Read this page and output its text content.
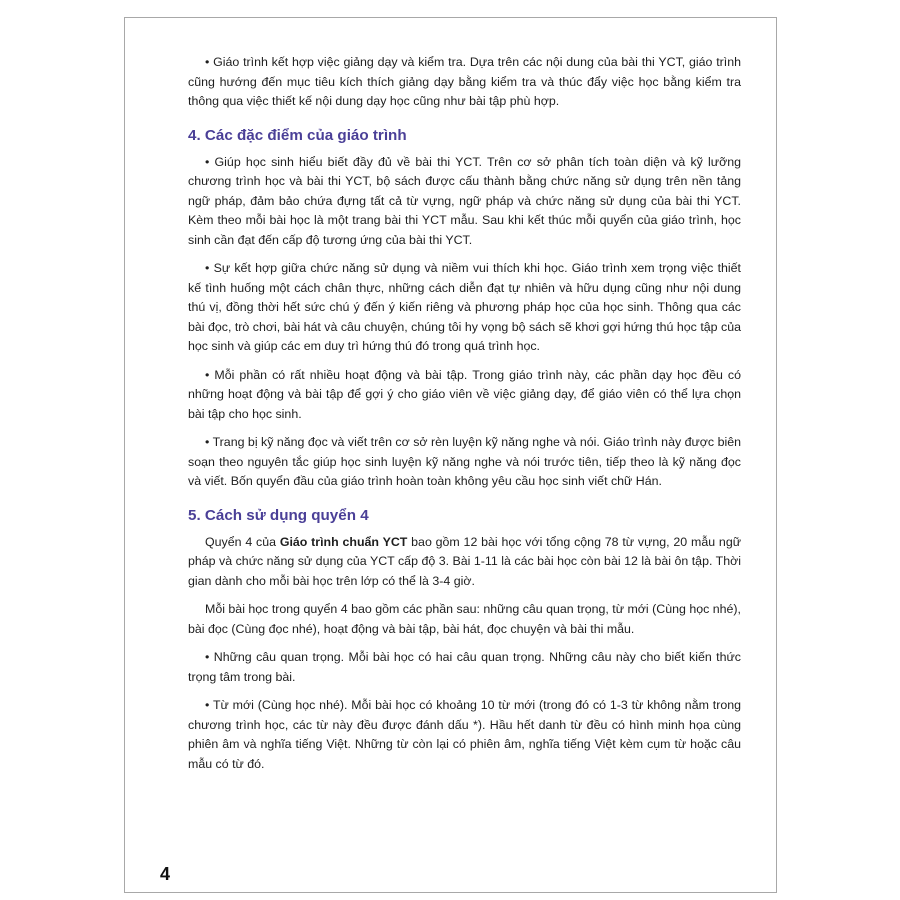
• Giáo trình kết hợp việc giảng dạy và kiểm tra. Dựa trên các nội dung của bài thi YCT, giáo trình cũng hướng đến mục tiêu kích thích giảng dạy bằng kiểm tra và thúc đẩy việc học bằng kiểm tra thông qua việc thiết kế nội dung dạy học cũng như bài tập phù hợp.

4. Các đặc điểm của giáo trình

• Giúp học sinh hiểu biết đầy đủ về bài thi YCT. Trên cơ sở phân tích toàn diện và kỹ lưỡng chương trình học và bài thi YCT, bộ sách được cấu thành bằng chức năng sử dụng trên nền tảng ngữ pháp, đảm bảo chứa đựng tất cả từ vựng, ngữ pháp và chức năng sử dụng của bài thi YCT. Kèm theo mỗi bài học là một trang bài thi YCT mẫu. Sau khi kết thúc mỗi quyển của giáo trình, học sinh cần đạt đến cấp độ tương ứng của bài thi YCT.

• Sự kết hợp giữa chức năng sử dụng và niềm vui thích khi học. Giáo trình xem trọng việc thiết kế tình huống một cách chân thực, những cách diễn đạt tự nhiên và hữu dụng cũng như nội dung thú vị, đồng thời hết sức chú ý đến ý kiến riêng và phương pháp học của học sinh. Thông qua các bài đọc, trò chơi, bài hát và câu chuyện, chúng tôi hy vọng bộ sách sẽ khơi gợi hứng thú học tập của học sinh và giúp các em duy trì hứng thú đó trong quá trình học.

• Mỗi phần có rất nhiều hoạt động và bài tập. Trong giáo trình này, các phần dạy học đều có những hoạt động và bài tập để gợi ý cho giáo viên về việc giảng dạy, để giáo viên có thể lựa chọn bài tập cho học sinh.

• Trang bị kỹ năng đọc và viết trên cơ sở rèn luyện kỹ năng nghe và nói. Giáo trình này được biên soạn theo nguyên tắc giúp học sinh luyện kỹ năng nghe và nói trước tiên, tiếp theo là kỹ năng đọc và viết. Bốn quyển đầu của giáo trình hoàn toàn không yêu cầu học sinh viết chữ Hán.

5. Cách sử dụng quyển 4

Quyển 4 của Giáo trình chuẩn YCT bao gồm 12 bài học với tổng cộng 78 từ vựng, 20 mẫu ngữ pháp và chức năng sử dụng của YCT cấp độ 3. Bài 1-11 là các bài học còn bài 12 là bài ôn tập. Thời gian dành cho mỗi bài học trên lớp có thể là 3-4 giờ.

Mỗi bài học trong quyển 4 bao gồm các phần sau: những câu quan trọng, từ mới (Cùng học nhé), bài đọc (Cùng đọc nhé), hoạt động và bài tập, bài hát, đọc chuyện và bài thi mẫu.

• Những câu quan trọng. Mỗi bài học có hai câu quan trọng. Những câu này cho biết kiến thức trọng tâm trong bài.

• Từ mới (Cùng học nhé). Mỗi bài học có khoảng 10 từ mới (trong đó có 1-3 từ không nằm trong chương trình học, các từ này đều được đánh dấu *). Hầu hết danh từ đều có hình minh họa cùng phiên âm và nghĩa tiếng Việt. Những từ còn lại có phiên âm, nghĩa tiếng Việt kèm cụm từ hoặc câu mẫu có từ đó.

4
